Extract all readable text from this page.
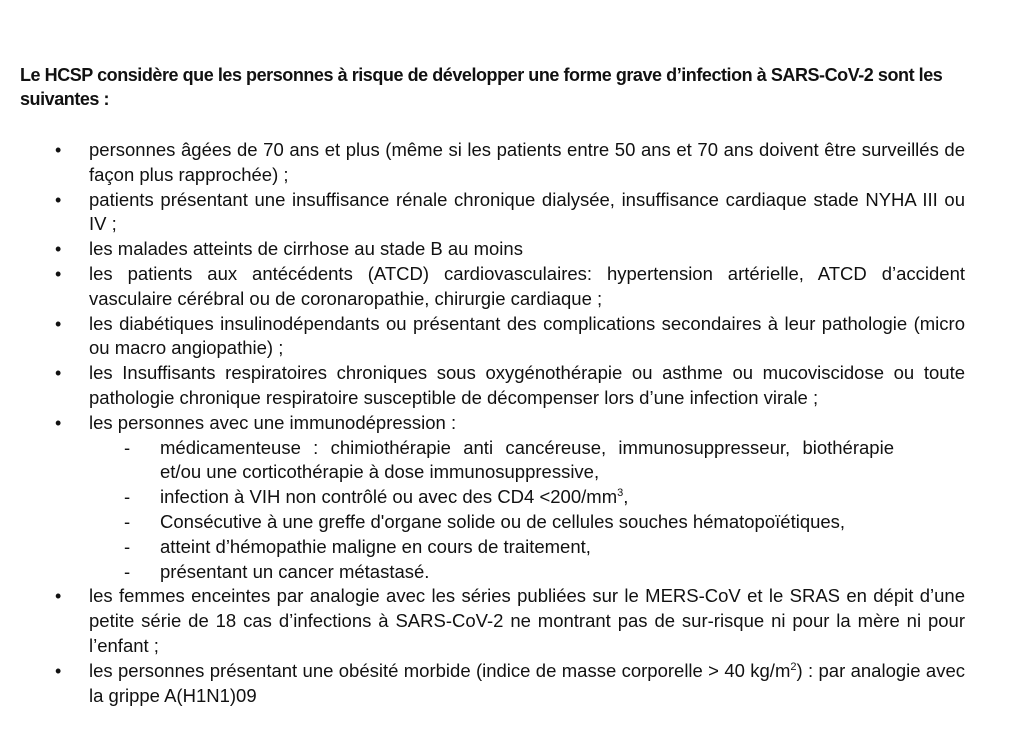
Le HCSP considère que les personnes à risque de développer une forme grave d’infection à SARS-CoV-2 sont les suivantes :

• personnes âgées de 70 ans et plus (même si les patients entre 50 ans et 70 ans doivent être surveillés de façon plus rapprochée) ;
• patients présentant une insuffisance rénale chronique dialysée, insuffisance cardiaque stade NYHA III ou IV ;
• les malades atteints de cirrhose au stade B au moins
• les patients aux antécédents (ATCD) cardiovasculaires: hypertension artérielle, ATCD d’accident vasculaire cérébral ou de coronaropathie, chirurgie cardiaque ;
• les diabétiques insulinodépendants ou présentant des complications secondaires à leur pathologie (micro ou macro angiopathie) ;
• les Insuffisants respiratoires chroniques sous oxygénothérapie ou asthme ou mucoviscidose ou toute pathologie chronique respiratoire susceptible de décompenser lors d’une infection virale ;
• les personnes avec une immunodépression :
- médicamenteuse : chimiothérapie anti cancéreuse, immunosuppresseur, biothérapie et/ou une corticothérapie à dose immunosuppressive,
- infection à VIH non contrôlé ou avec des $CD4 <200/mm^3$,
- Consécutive à une greffe d'organe solide ou de cellules souches hématopoïétiques,
- atteint d’hémopathie maligne en cours de traitement,
- présentant un cancer métastasé.
• les femmes enceintes par analogie avec les séries publiées sur le MERS-CoV et le SRAS en dépit d’une petite série de 18 cas d’infections à SARS-CoV-2 ne montrant pas de sur-risque ni pour la mère ni pour l’enfant ;
• les personnes présentant une obésité morbide (indice de masse corporelle > 40 $kg/m^2$) : par analogie avec la grippe A(H1N1)09
